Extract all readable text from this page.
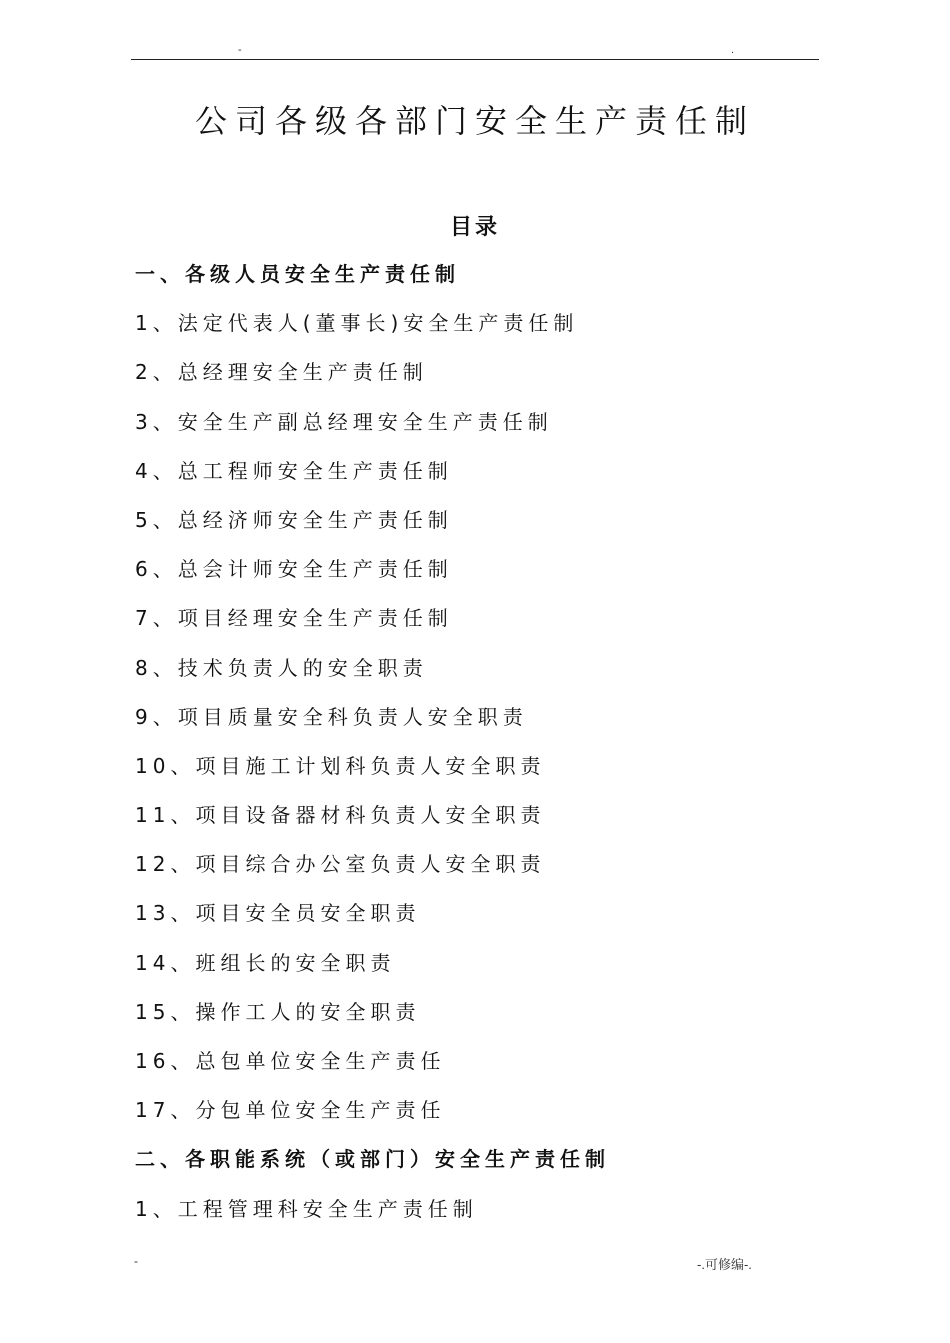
-	.
公司各级各部门安全生产责任制
目录
一、各级人员安全生产责任制
1、法定代表人(董事长)安全生产责任制
2、总经理安全生产责任制
3、安全生产副总经理安全生产责任制
4、总工程师安全生产责任制
5、总经济师安全生产责任制
6、总会计师安全生产责任制
7、项目经理安全生产责任制
8、技术负责人的安全职责
9、项目质量安全科负责人安全职责
10、项目施工计划科负责人安全职责
11、项目设备器材科负责人安全职责
12、项目综合办公室负责人安全职责
13、项目安全员安全职责
14、班组长的安全职责
15、操作工人的安全职责
16、总包单位安全生产责任
17、分包单位安全生产责任
二、各职能系统（或部门）安全生产责任制
1、工程管理科安全生产责任制
-	-.可修编-.
